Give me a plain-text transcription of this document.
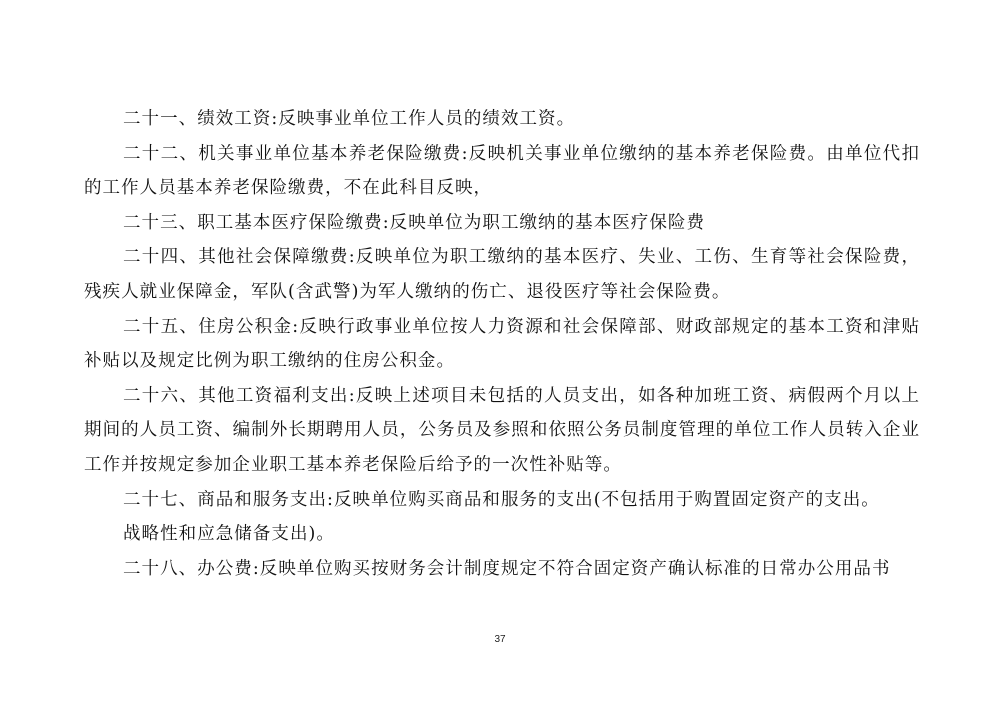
二十一、绩效工资:反映事业单位工作人员的绩效工资。

二十二、机关事业单位基本养老保险缴费:反映机关事业单位缴纳的基本养老保险费。由单位代扣的工作人员基本养老保险缴费，不在此科目反映，

二十三、职工基本医疗保险缴费:反映单位为职工缴纳的基本医疗保险费

二十四、其他社会保障缴费:反映单位为职工缴纳的基本医疗、失业、工伤、生育等社会保险费，残疾人就业保障金，军队(含武警)为军人缴纳的伤亡、退役医疗等社会保险费。

二十五、住房公积金:反映行政事业单位按人力资源和社会保障部、财政部规定的基本工资和津贴补贴以及规定比例为职工缴纳的住房公积金。

二十六、其他工资福利支出:反映上述项目未包括的人员支出，如各种加班工资、病假两个月以上期间的人员工资、编制外长期聘用人员，公务员及参照和依照公务员制度管理的单位工作人员转入企业工作并按规定参加企业职工基本养老保险后给予的一次性补贴等。

二十七、商品和服务支出:反映单位购买商品和服务的支出(不包括用于购置固定资产的支出。

战略性和应急储备支出)。

二十八、办公费:反映单位购买按财务会计制度规定不符合固定资产确认标准的日常办公用品书

37
